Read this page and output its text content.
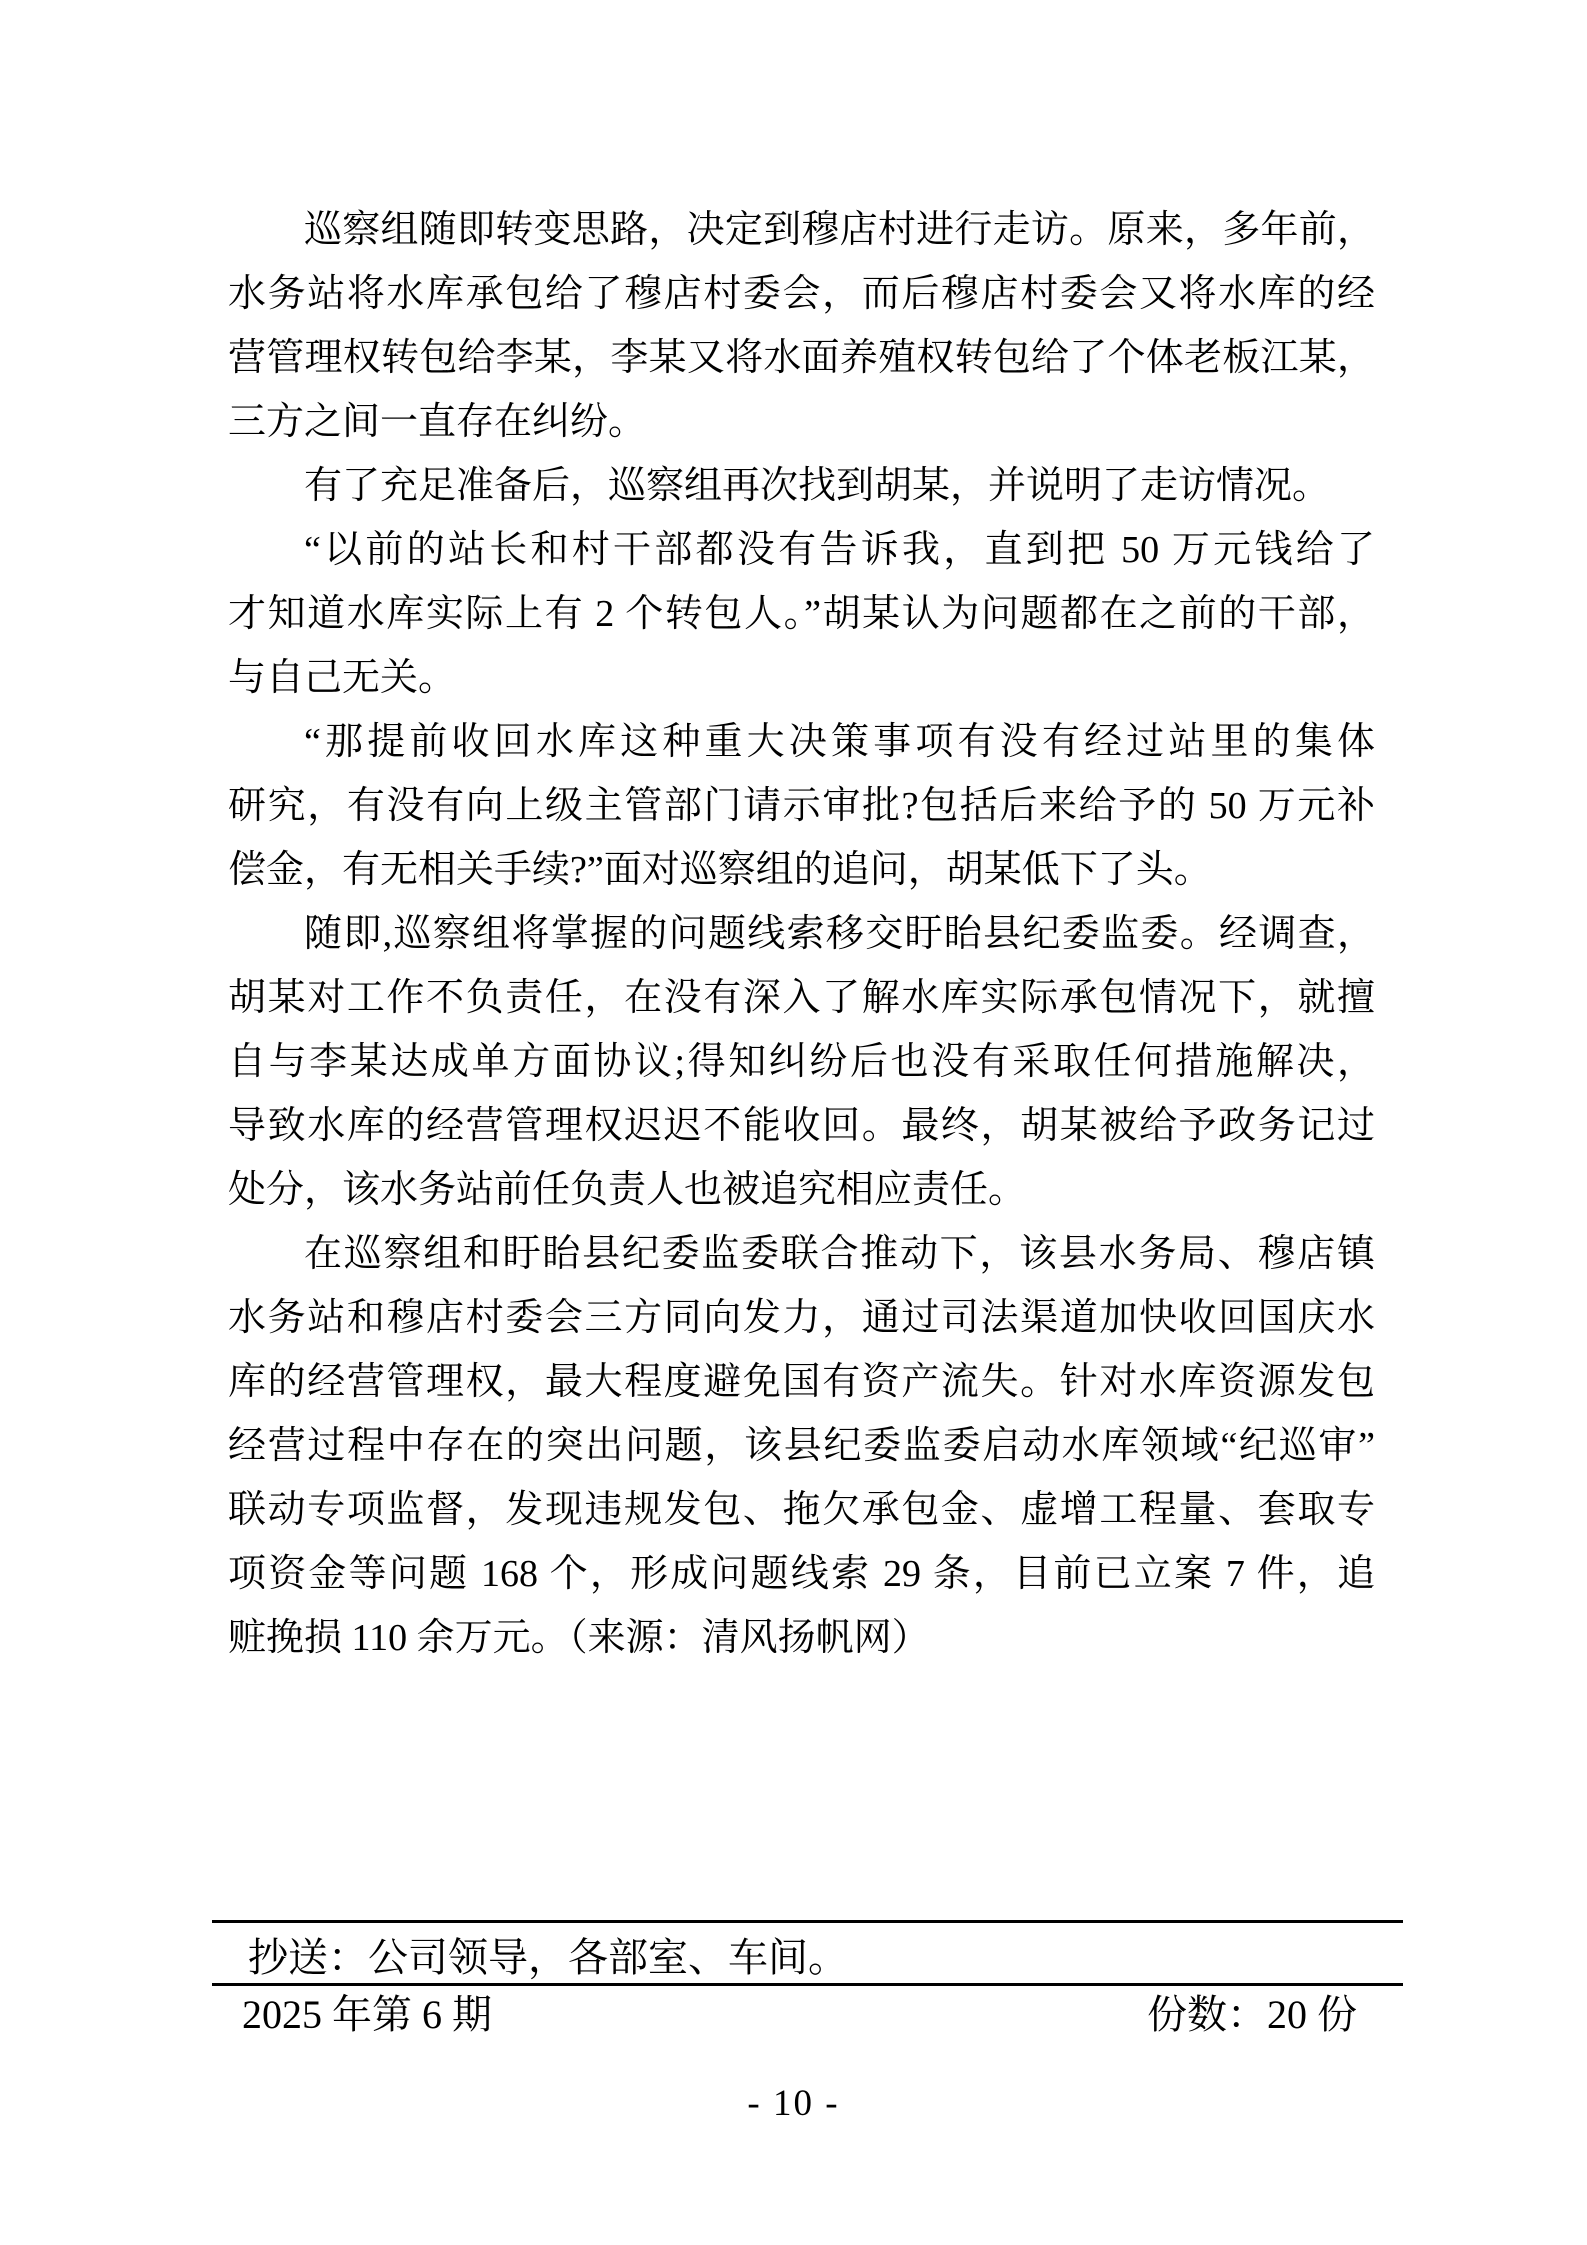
巡察组随即转变思路，决定到穆店村进行走访。原来，多年前，
水务站将水库承包给了穆店村委会，而后穆店村委会又将水库的经
营管理权转包给李某，李某又将水面养殖权转包给了个体老板江某，
三方之间一直存在纠纷。
有了充足准备后，巡察组再次找到胡某，并说明了走访情况。
“以前的站长和村干部都没有告诉我，直到把 50 万元钱给了
才知道水库实际上有 2 个转包人。”胡某认为问题都在之前的干部，
与自己无关。
“那提前收回水库这种重大决策事项有没有经过站里的集体
研究，有没有向上级主管部门请示审批?包括后来给予的 50 万元补
偿金，有无相关手续?”面对巡察组的追问，胡某低下了头。
随即,巡察组将掌握的问题线索移交盱眙县纪委监委。经调查，
胡某对工作不负责任，在没有深入了解水库实际承包情况下，就擅
自与李某达成单方面协议;得知纠纷后也没有采取任何措施解决，
导致水库的经营管理权迟迟不能收回。最终，胡某被给予政务记过
处分，该水务站前任负责人也被追究相应责任。
在巡察组和盱眙县纪委监委联合推动下，该县水务局、穆店镇
水务站和穆店村委会三方同向发力，通过司法渠道加快收回国庆水
库的经营管理权，最大程度避免国有资产流失。针对水库资源发包
经营过程中存在的突出问题，该县纪委监委启动水库领域“纪巡审”
联动专项监督，发现违规发包、拖欠承包金、虚增工程量、套取专
项资金等问题 168 个，形成问题线索 29 条，目前已立案 7 件，追
赃挽损 110 余万元。（来源：清风扬帆网）
抄送：公司领导，各部室、车间。
2025 年第 6 期	份数：20 份
- 10 -
